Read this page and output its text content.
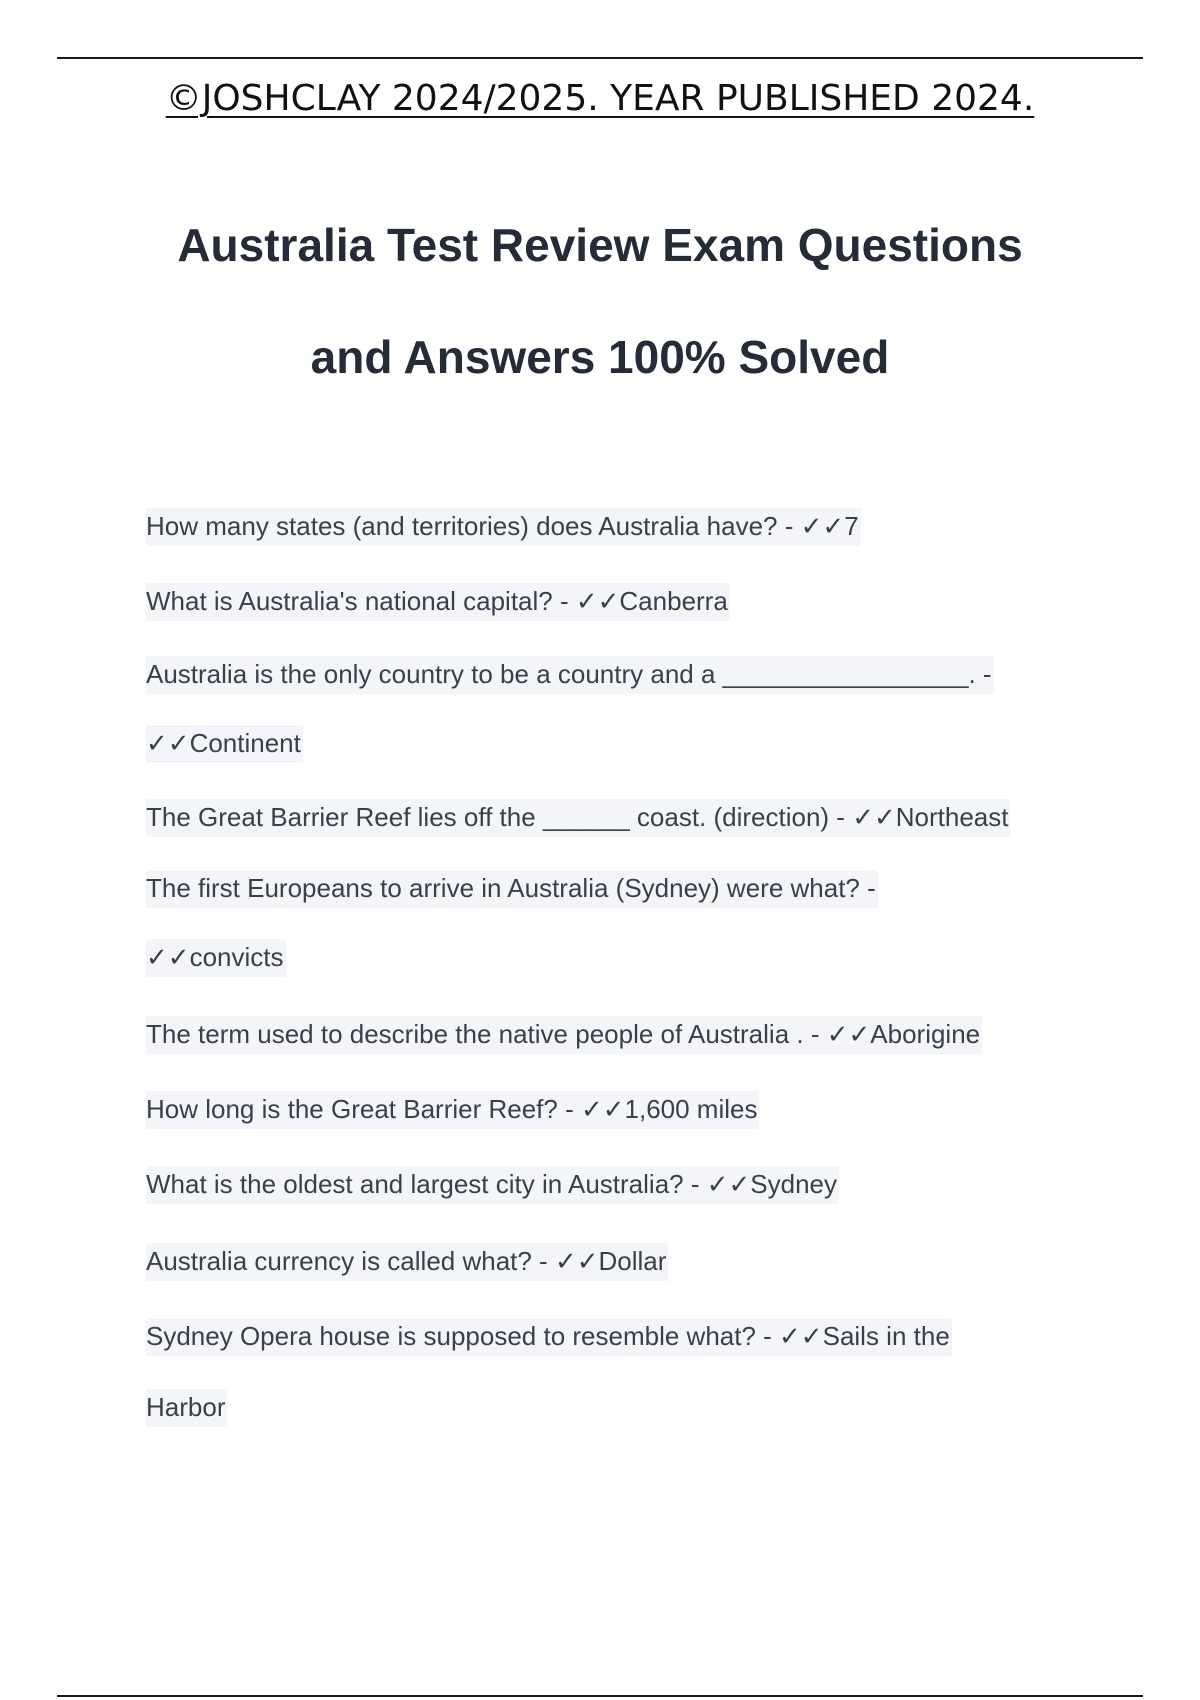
©JOSHCLAY 2024/2025. YEAR PUBLISHED 2024.
Australia Test Review Exam Questions
and Answers 100% Solved
How many states (and territories) does Australia have? - ✓✓7
What is Australia's national capital? - ✓✓Canberra
Australia is the only country to be a country and a _________________. -
✓✓Continent
The Great Barrier Reef lies off the ______ coast. (direction) - ✓✓Northeast
The first Europeans to arrive in Australia (Sydney) were what? -
✓✓convicts
The term used to describe the native people of Australia . - ✓✓Aborigine
How long is the Great Barrier Reef? - ✓✓1,600 miles
What is the oldest and largest city in Australia? - ✓✓Sydney
Australia currency is called what? - ✓✓Dollar
Sydney Opera house is supposed to resemble what? - ✓✓Sails in the
Harbor
